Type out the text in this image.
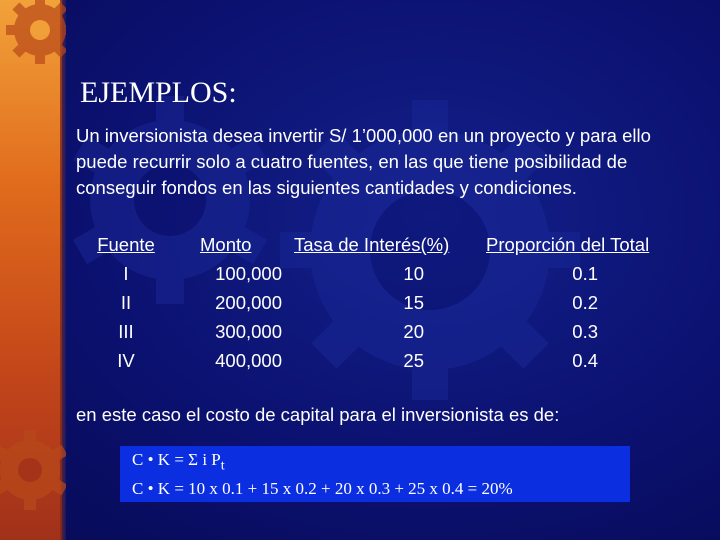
EJEMPLOS:
Un inversionista desea invertir S/ 1’000,000 en un proyecto y para ello puede recurrir solo a cuatro fuentes, en las que tiene posibilidad de conseguir fondos en las siguientes cantidades y condiciones.
Fuente
I
II
III
IV
Monto
100,000
200,000
300,000
400,000
Tasa de Interés(%)
10
15
20
25
Proporción del Total
0.1
0.2
0.3
0.4
en este caso el costo de capital para el inversionista es de:
C • K = Σ i $P_t$
C • K = 10 x 0.1 + 15 x 0.2 + 20 x 0.3 + 25 x 0.4 = 20%
